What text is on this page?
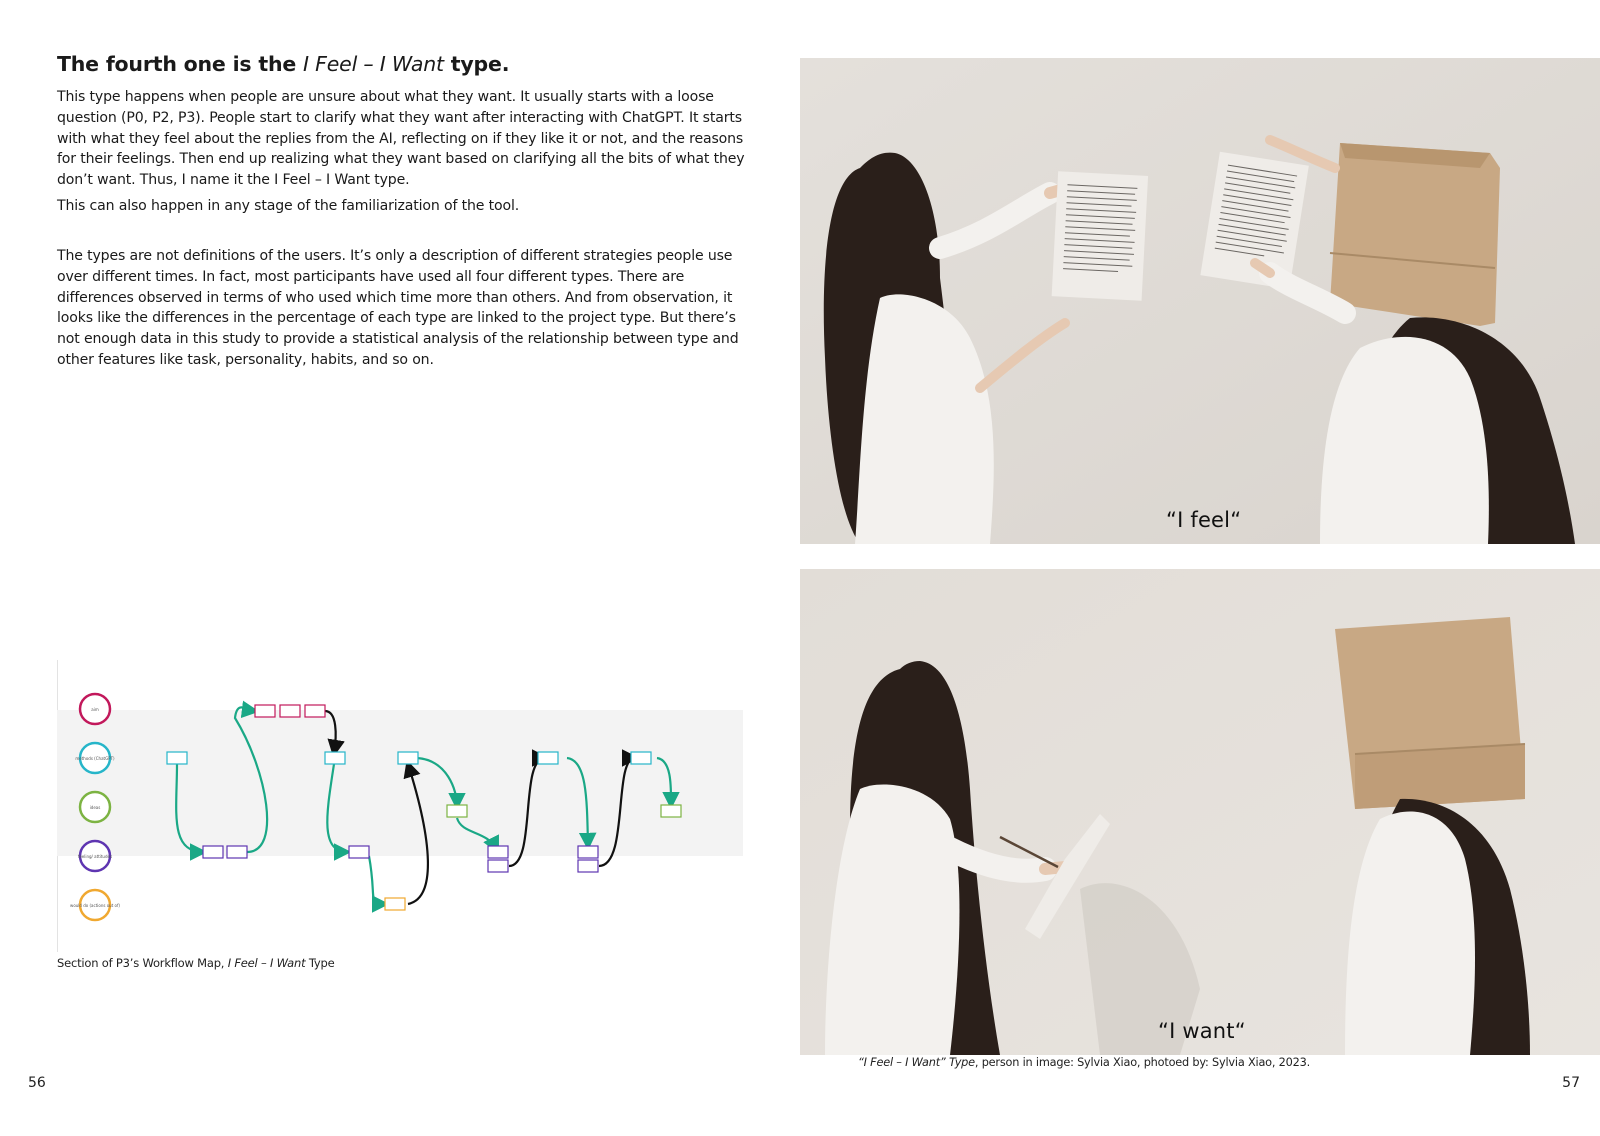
The fourth one is the I Feel – I Want type.

This type happens when people are unsure about what they want. It usually starts with a loose question (P0, P2, P3). People start to clarify what they want after interacting with ChatGPT. It starts with what they feel about the replies from the AI, reflecting on if they like it or not, and the reasons for their feelings. Then end up realizing what they want based on clarifying all the bits of what they don’t want. Thus, I name it the I Feel – I Want type.

This can also happen in any stage of the familiarization of the tool.

The types are not definitions of the users. It’s only a description of different strategies people use over different times. In fact, most participants have used all four different types. There are differences observed in terms of who used which time more than others. And from observation, it looks like the differences in the percentage of each type are linked to the project type. But there’s not enough data in this study to provide a statistical analysis of the relationship between type and other features like task, personality, habits, and so on.

aim
methods (ChatGPT)
ideas
feeling/ attitudes
would do (actions out of)
Section of P3’s Workflow Map, I Feel – I Want Type
56
“I feel“
“I want“
“I Feel – I Want” Type, person in image: Sylvia Xiao, photoed by: Sylvia Xiao, 2023.
57
